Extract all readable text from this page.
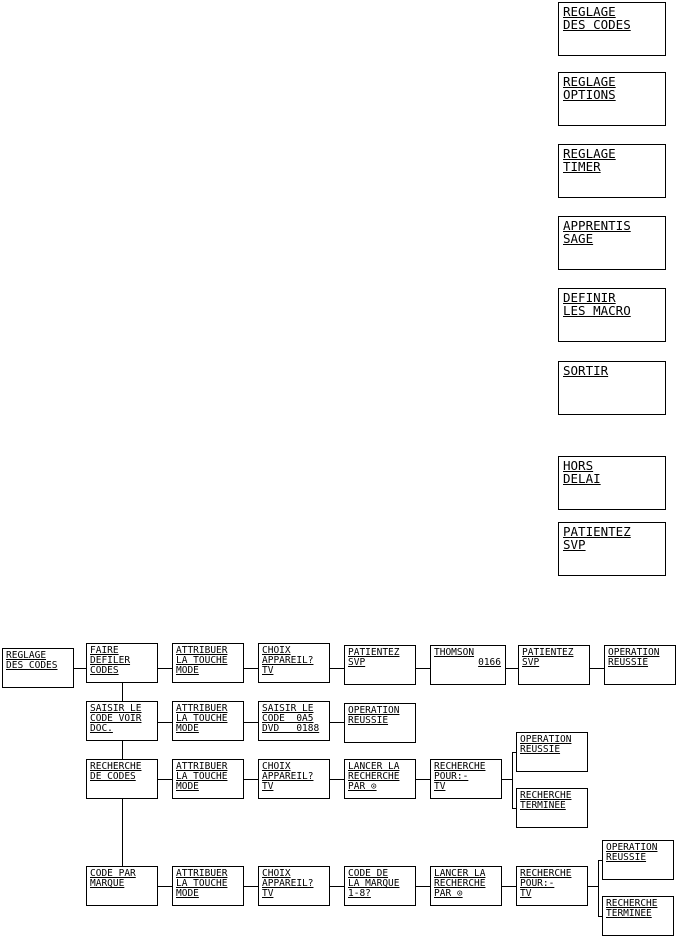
REGLAGE
DES CODES
REGLAGE
OPTIONS
REGLAGE
TIMER
APPRENTIS
SAGE
DEFINIR
LES MACRO
SORTIR
HORS
DELAI
PATIENTEZ
SVP
REGLAGE
DES CODES
FAIRE
DEFILER
CODES
ATTRIBUER
LA TOUCHE
MODE
CHOIX
APPAREIL?
TV
PATIENTEZ
SVP
THOMSON
0166
PATIENTEZ
SVP
OPERATION
REUSSIE
SAISIR LE
CODE VOIR
DOC.
ATTRIBUER
LA TOUCHE
MODE
SAISIR LE
CODE  0A5
DVD   0188
OPERATION
REUSSIE
RECHERCHE
DE CODES
ATTRIBUER
LA TOUCHE
MODE
CHOIX
APPAREIL?
TV
LANCER LA
RECHERCHE
PAR ⊙
RECHERCHE
POUR:-
TV
OPERATION
REUSSIE
RECHERCHE
TERMINEE
CODE PAR
MARQUE
ATTRIBUER
LA TOUCHE
MODE
CHOIX
APPAREIL?
TV
CODE DE
LA MARQUE
1-8?
LANCER LA
RECHERCHE
PAR ⊙
RECHERCHE
POUR:-
TV
OPERATION
REUSSIE
RECHERCHE
TERMINEE
